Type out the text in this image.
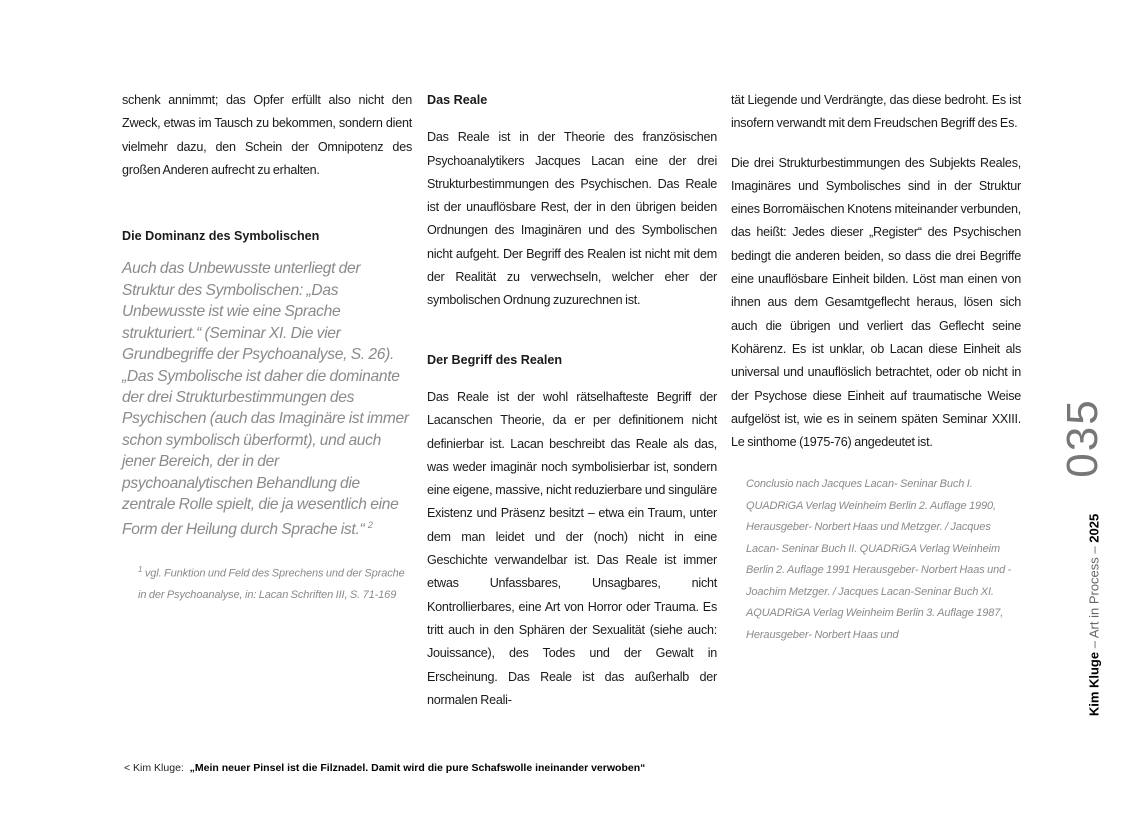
schenk annimmt; das Opfer erfüllt also nicht den Zweck, etwas im Tausch zu bekommen, sondern dient vielmehr dazu, den Schein der Omnipotenz des großen Anderen aufrecht zu erhalten.

Die Dominanz des Symbolischen

Auch das Unbewusste unterliegt der Struktur des Symbolischen: „Das Unbewusste ist wie eine Sprache strukturiert.“ (Seminar XI. Die vier Grundbegriffe der Psychoanalyse, S. 26).

„Das Symbolische ist daher die dominante der drei Strukturbestimmungen des Psychischen (auch das Imaginäre ist immer schon symbolisch überformt), und auch jener Bereich, der in der psychoanalytischen Behandlung die zentrale Rolle spielt, die ja wesentlich eine Form der Heilung durch Sprache ist.“ $^2$

$^1$ vgl. Funktion und Feld des Sprechens und der Sprache in der Psychoanalyse, in: Lacan Schriften III, S. 71-169

Das Reale

Das Reale ist in der Theorie des französischen Psychoanalytikers Jacques Lacan eine der drei Strukturbestimmungen des Psychischen. Das Reale ist der unauflösbare Rest, der in den übrigen beiden Ordnungen des Imaginären und des Symbolischen nicht aufgeht. Der Begriff des Realen ist nicht mit dem der Realität zu verwechseln, welcher eher der symbolischen Ordnung zuzurechnen ist.

Der Begriff des Realen

Das Reale ist der wohl rätselhafteste Begriff der Lacanschen Theorie, da er per definitionem nicht definierbar ist. Lacan beschreibt das Reale als das, was weder imaginär noch symbolisierbar ist, sondern eine eigene, massive, nicht reduzierbare und singuläre Existenz und Präsenz besitzt – etwa ein Traum, unter dem man leidet und der (noch) nicht in eine Geschichte verwandelbar ist. Das Reale ist immer etwas Unfassbares, Unsagbares, nicht Kontrollierbares, eine Art von Horror oder Trauma. Es tritt auch in den Sphären der Sexualität (siehe auch: Jouissance), des Todes und der Gewalt in Erscheinung. Das Reale ist das außerhalb der normalen Reali-

tät Liegende und Verdrängte, das diese bedroht. Es ist insofern verwandt mit dem Freudschen Begriff des Es.

Die drei Strukturbestimmungen des Subjekts Reales, Imaginäres und Symbolisches sind in der Struktur eines Borromäischen Knotens miteinander verbunden, das heißt: Jedes dieser „Register“ des Psychischen bedingt die anderen beiden, so dass die drei Begriffe eine unauflösbare Einheit bilden. Löst man einen von ihnen aus dem Gesamtgeflecht heraus, lösen sich auch die übrigen und verliert das Geflecht seine Kohärenz. Es ist unklar, ob Lacan diese Einheit als universal und unauflöslich betrachtet, oder ob nicht in der Psychose diese Einheit auf traumatische Weise aufgelöst ist, wie es in seinem späten Seminar XXIII. Le sinthome (1975-76) angedeutet ist.

Conclusio nach Jacques Lacan- Seninar Buch I. QUADRiGA Verlag Weinheim Berlin 2. Auflage 1990, Herausgeber- Norbert Haas und Metzger. / Jacques Lacan- Seninar Buch II. QUADRiGA Verlag Weinheim Berlin 2. Auflage 1991 Herausgeber- Norbert Haas und -Joachim Metzger. / Jacques Lacan-Seninar Buch XI. AQUADRiGA Verlag Weinheim Berlin 3. Auflage 1987, Herausgeber- Norbert Haas und

< Kim Kluge: „Mein neuer Pinsel ist die Filznadel. Damit wird die pure Schafswolle ineinander verwoben“
035
Kim Kluge – Art in Process – 2025
